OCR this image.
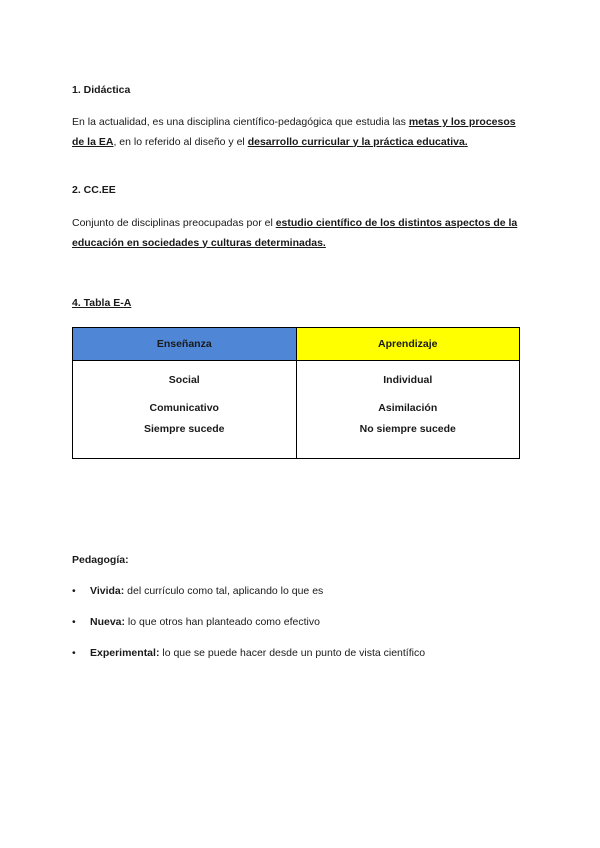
1. Didáctica
En la actualidad, es una disciplina científico-pedagógica que estudia las metas y los procesos de la EA, en lo referido al diseño y el desarrollo curricular y la práctica educativa.
2. CC.EE
Conjunto de disciplinas preocupadas por el estudio científico de los distintos aspectos de la educación en sociedades y culturas determinadas.
4. Tabla E-A
Enseñanza	Aprendizaje
Social	Individual
Comunicativo	Asimilación
Siempre sucede	No siempre sucede
Pedagogía:
• Vivida: del currículo como tal, aplicando lo que es
• Nueva: lo que otros han planteado como efectivo
• Experimental: lo que se puede hacer desde un punto de vista científico
